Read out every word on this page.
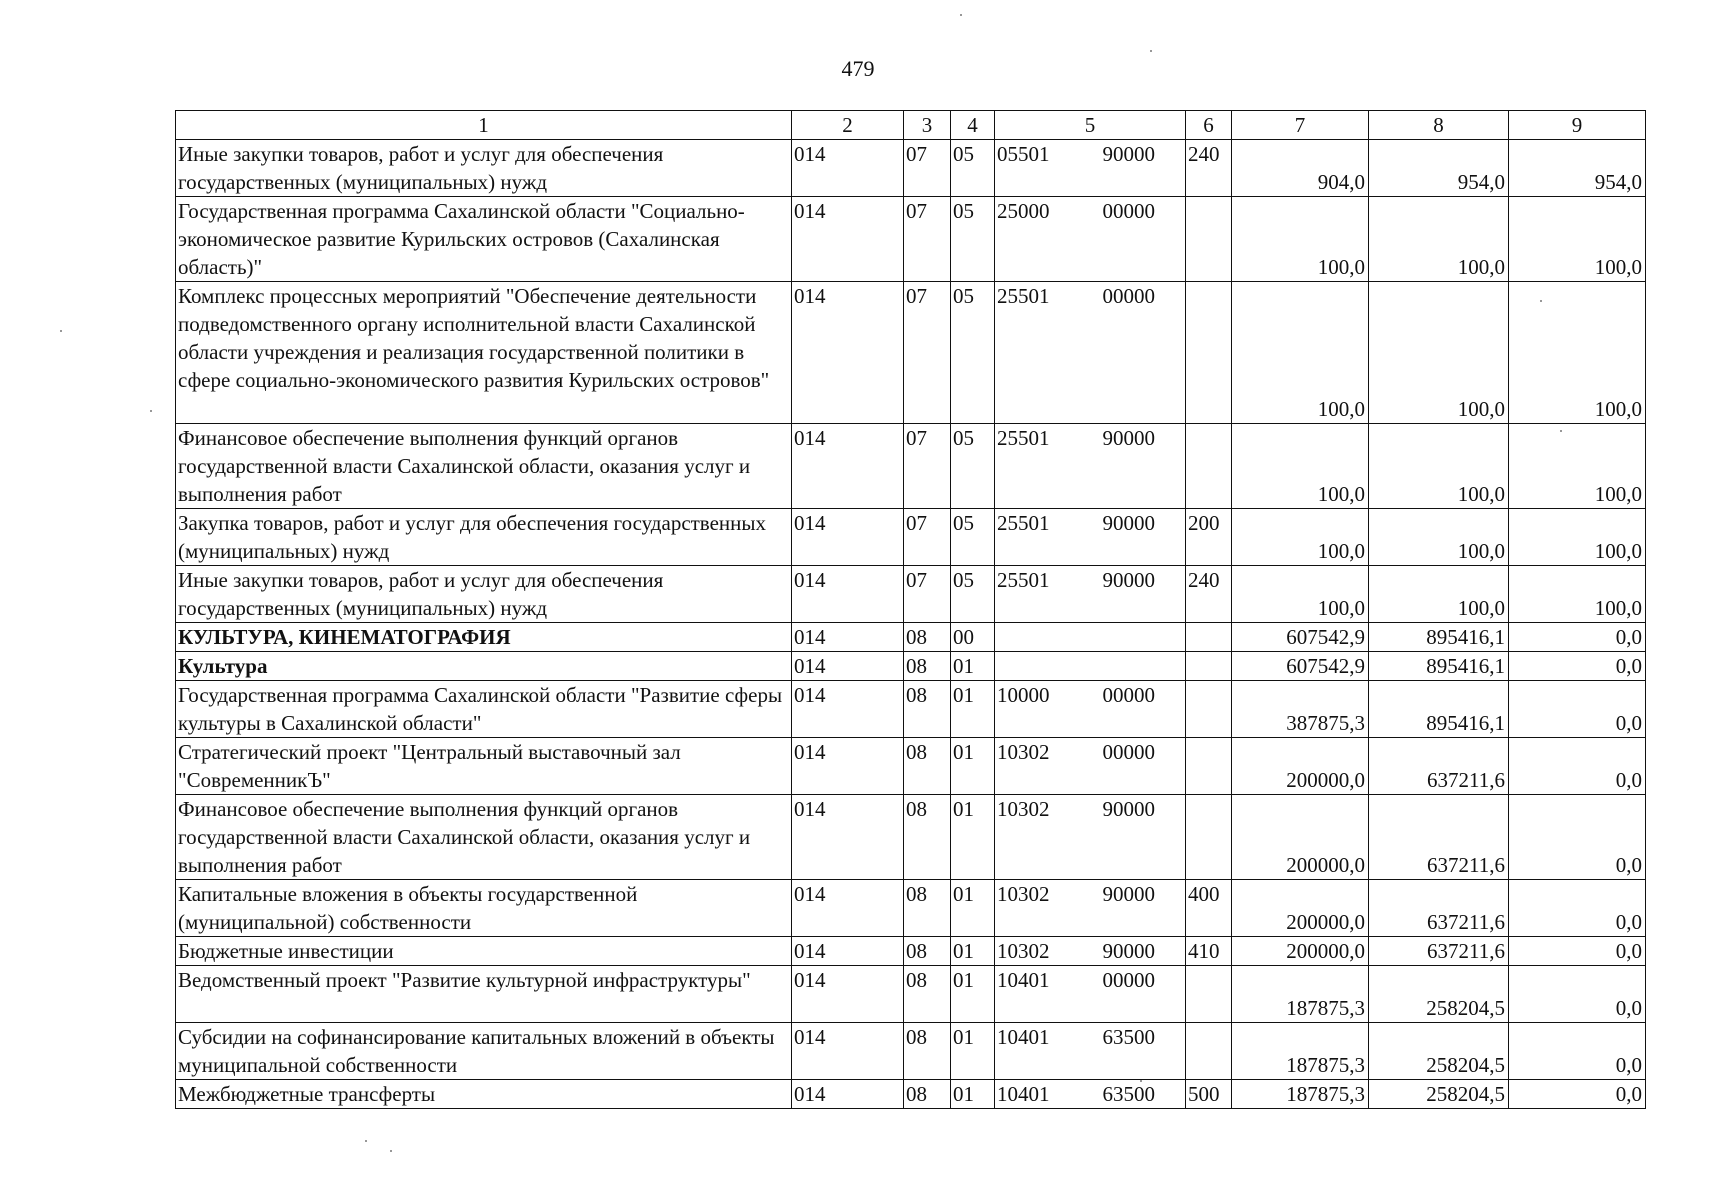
479
1	2	3	4	5	6	7	8	9
Иные закупки товаров, работ и услуг для обеспечения государственных (муниципальных) нужд	014	07	05	05501 90000	240	904,0	954,0	954,0
Государственная программа Сахалинской области "Социально-экономическое развитие Курильских островов (Сахалинская область)"	014	07	05	25000 00000		100,0	100,0	100,0
Комплекс процессных мероприятий "Обеспечение деятельности подведомственного органу исполнительной власти Сахалинской области учреждения и реализация государственной политики в сфере социально-экономического развития Курильских островов"	014	07	05	25501 00000		100,0	100,0	100,0
Финансовое обеспечение выполнения функций органов государственной власти Сахалинской области, оказания услуг и выполнения работ	014	07	05	25501 90000		100,0	100,0	100,0
Закупка товаров, работ и услуг для обеспечения государственных (муниципальных) нужд	014	07	05	25501 90000	200	100,0	100,0	100,0
Иные закупки товаров, работ и услуг для обеспечения государственных (муниципальных) нужд	014	07	05	25501 90000	240	100,0	100,0	100,0
КУЛЬТУРА, КИНЕМАТОГРАФИЯ	014	08	00			607542,9	895416,1	0,0
Культура	014	08	01			607542,9	895416,1	0,0
Государственная программа Сахалинской области "Развитие сферы культуры в Сахалинской области"	014	08	01	10000 00000		387875,3	895416,1	0,0
Стратегический проект "Центральный выставочный зал "СовременникЪ"	014	08	01	10302 00000		200000,0	637211,6	0,0
Финансовое обеспечение выполнения функций органов государственной власти Сахалинской области, оказания услуг и выполнения работ	014	08	01	10302 90000		200000,0	637211,6	0,0
Капитальные вложения в объекты государственной (муниципальной) собственности	014	08	01	10302 90000	400	200000,0	637211,6	0,0
Бюджетные инвестиции	014	08	01	10302 90000	410	200000,0	637211,6	0,0
Ведомственный проект "Развитие культурной инфраструктуры"	014	08	01	10401 00000		187875,3	258204,5	0,0
Субсидии на софинансирование капитальных вложений в объекты муниципальной собственности	014	08	01	10401 63500		187875,3	258204,5	0,0
Межбюджетные трансферты	014	08	01	10401 63500	500	187875,3	258204,5	0,0
